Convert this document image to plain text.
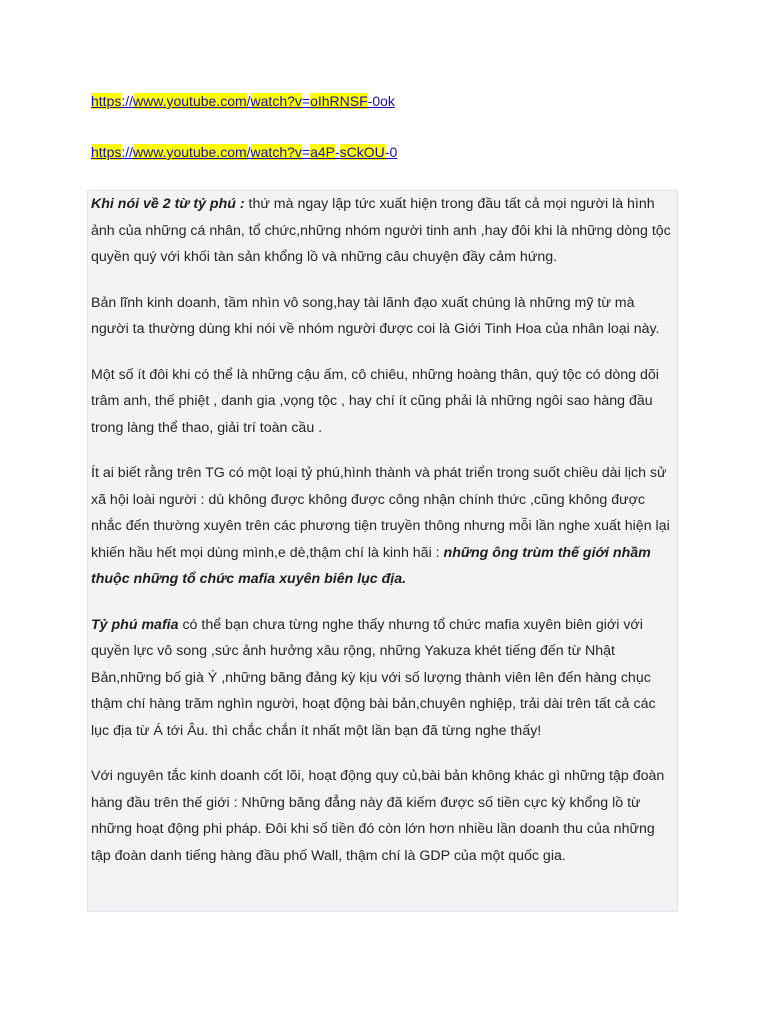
https://www.youtube.com/watch?v=oIhRNSF-0ok
https://www.youtube.com/watch?v=a4P-sCkOU-0

Khi nói về 2 từ tỷ phú : thứ mà ngay lập tức xuất hiện trong đầu tất cả mọi người là hình ảnh của những cá nhân, tổ chức,những nhóm người tinh anh ,hay đôi khi là những dòng tộc quyền quý với khối tàn sản khổng lồ và những câu chuyện đầy cảm hứng.

Bản lĩnh kinh doanh, tầm nhìn vô song,hay tài lãnh đạo xuất chúng là những mỹ từ mà người ta thường dùng khi nói về nhóm người được coi là Giới Tinh Hoa của nhân loại này.

Một số ít đôi khi có thể là những cậu ấm, cô chiêu, những hoàng thân, quý tộc có dòng dõi trâm anh, thế phiệt , danh gia ,vọng tộc , hay chí ít cũng phải là những ngôi sao hàng đầu trong làng thể thao, giải trí toàn cầu .

Ít ai biết rằng trên TG có một loại tỷ phú,hình thành và phát triển trong suốt chiều dài lịch sử xã hội loài người : dù không được không được công nhận chính thức ,cũng không được nhắc đến thường xuyên trên các phương tiện truyền thông nhưng mỗi lần nghe xuất hiện lại khiến hầu hết mọi dùng mình,e dè,thậm chí là kinh hãi : những ông trùm thế giới nhầm thuộc những tổ chức mafia xuyên biên lục địa.

Tỷ phú mafia có thể bạn chưa từng nghe thấy nhưng tổ chức mafia xuyên biên giới với quyền lực vô song ,sức ảnh hưởng xâu rộng, những Yakuza khét tiếng đến từ Nhật Bản,những bố già Ý ,những băng đảng kỳ kịu với số lượng thành viên lên đến hàng chục thậm chí hàng trăm nghìn người, hoạt động bài bản,chuyên nghiệp, trải dài trên tất cả các lục địa từ Á tới Âu. thì chắc chắn ít nhất một lần bạn đã từng nghe thấy!

Với nguyên tắc kinh doanh cốt lõi, hoạt động quy củ,bài bản không khác gì những tập đoàn hàng đầu trên thế giới : Những băng đẳng này đã kiếm được số tiền cực kỳ khổng lồ từ những hoạt động phi pháp. Đôi khi số tiền đó còn lớn hơn nhiều lần doanh thu của những tập đoàn danh tiếng hàng đầu phố Wall, thậm chí là GDP của một quốc gia.
